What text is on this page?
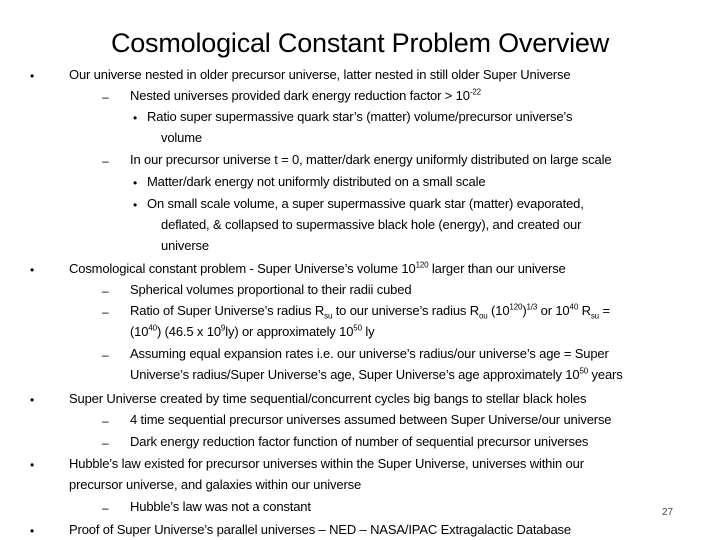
Cosmological Constant Problem Overview
•	Our universe nested in older precursor universe, latter nested in still older Super Universe
– Nested universes provided dark energy reduction factor > $10^{-22}$
• Ratio super supermassive quark star’s (matter) volume/precursor universe’s
volume
– In our precursor universe t = 0, matter/dark energy uniformly distributed on large scale
• Matter/dark energy not uniformly distributed on a small scale
• On small scale volume, a super supermassive quark star (matter) evaporated,
deflated, & collapsed to supermassive black hole (energy), and created our
universe
•	Cosmological constant problem - Super Universe’s volume $10^{120}$ larger than our universe
– Spherical volumes proportional to their radii cubed
– Ratio of Super Universe’s radius $R_{su}$ to our universe’s radius $R_{ou}$ $(10^{120})^{1/3}$ or $10^{40}$ $R_{su}$ =
$(10^{40})$ (46.5 x $10^9ly$) or approximately $10^{50}$ ly
– Assuming equal expansion rates i.e. our universe’s radius/our universe’s age = Super
Universe’s radius/Super Universe’s age, Super Universe’s age approximately $10^{50}$ years
•	Super Universe created by time sequential/concurrent cycles big bangs to stellar black holes
– 4 time sequential precursor universes assumed between Super Universe/our universe
– Dark energy reduction factor function of number of sequential precursor universes
•	Hubble’s law existed for precursor universes within the Super Universe, universes within our
precursor universe, and galaxies within our universe
– Hubble’s law was not a constant
•	Proof of Super Universe’s parallel universes – NED – NASA/IPAC Extragalactic Database
27
